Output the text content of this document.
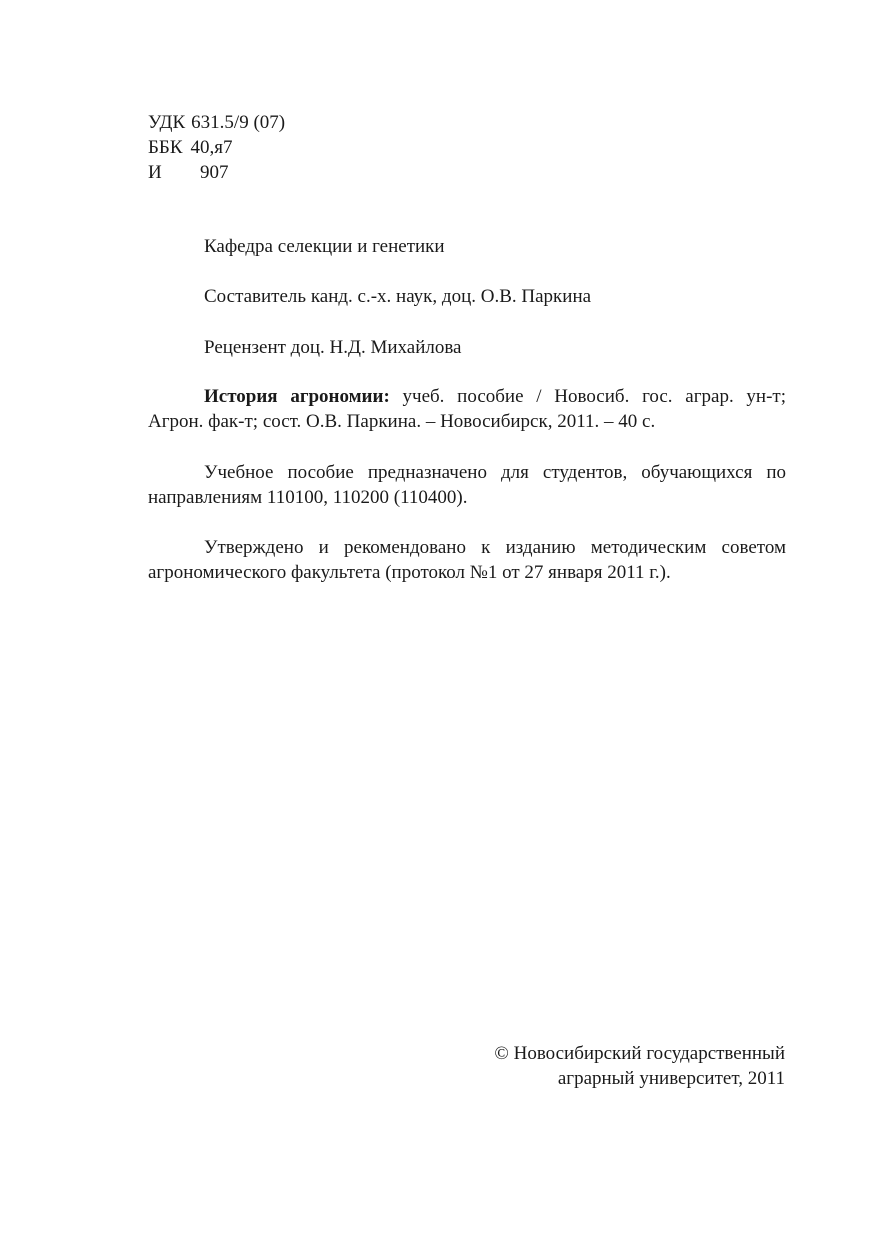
УДК 631.5/9 (07)
ББК 40,я7
И	907
Кафедра селекции и генетики
Составитель канд. с.-х. наук, доц. О.В. Паркина
Рецензент доц. Н.Д. Михайлова
История агрономии: учеб. пособие / Новосиб. гос. аграр. ун-т;
Агрон. фак-т; сост. О.В. Паркина. – Новосибирск, 2011. – 40 с.
Учебное пособие предназначено для студентов, обучающихся по
направлениям 110100, 110200 (110400).
Утверждено и рекомендовано к изданию методическим советом
агрономического факультета (протокол №1 от 27 января 2011 г.).
© Новосибирский государственный
аграрный университет, 2011
